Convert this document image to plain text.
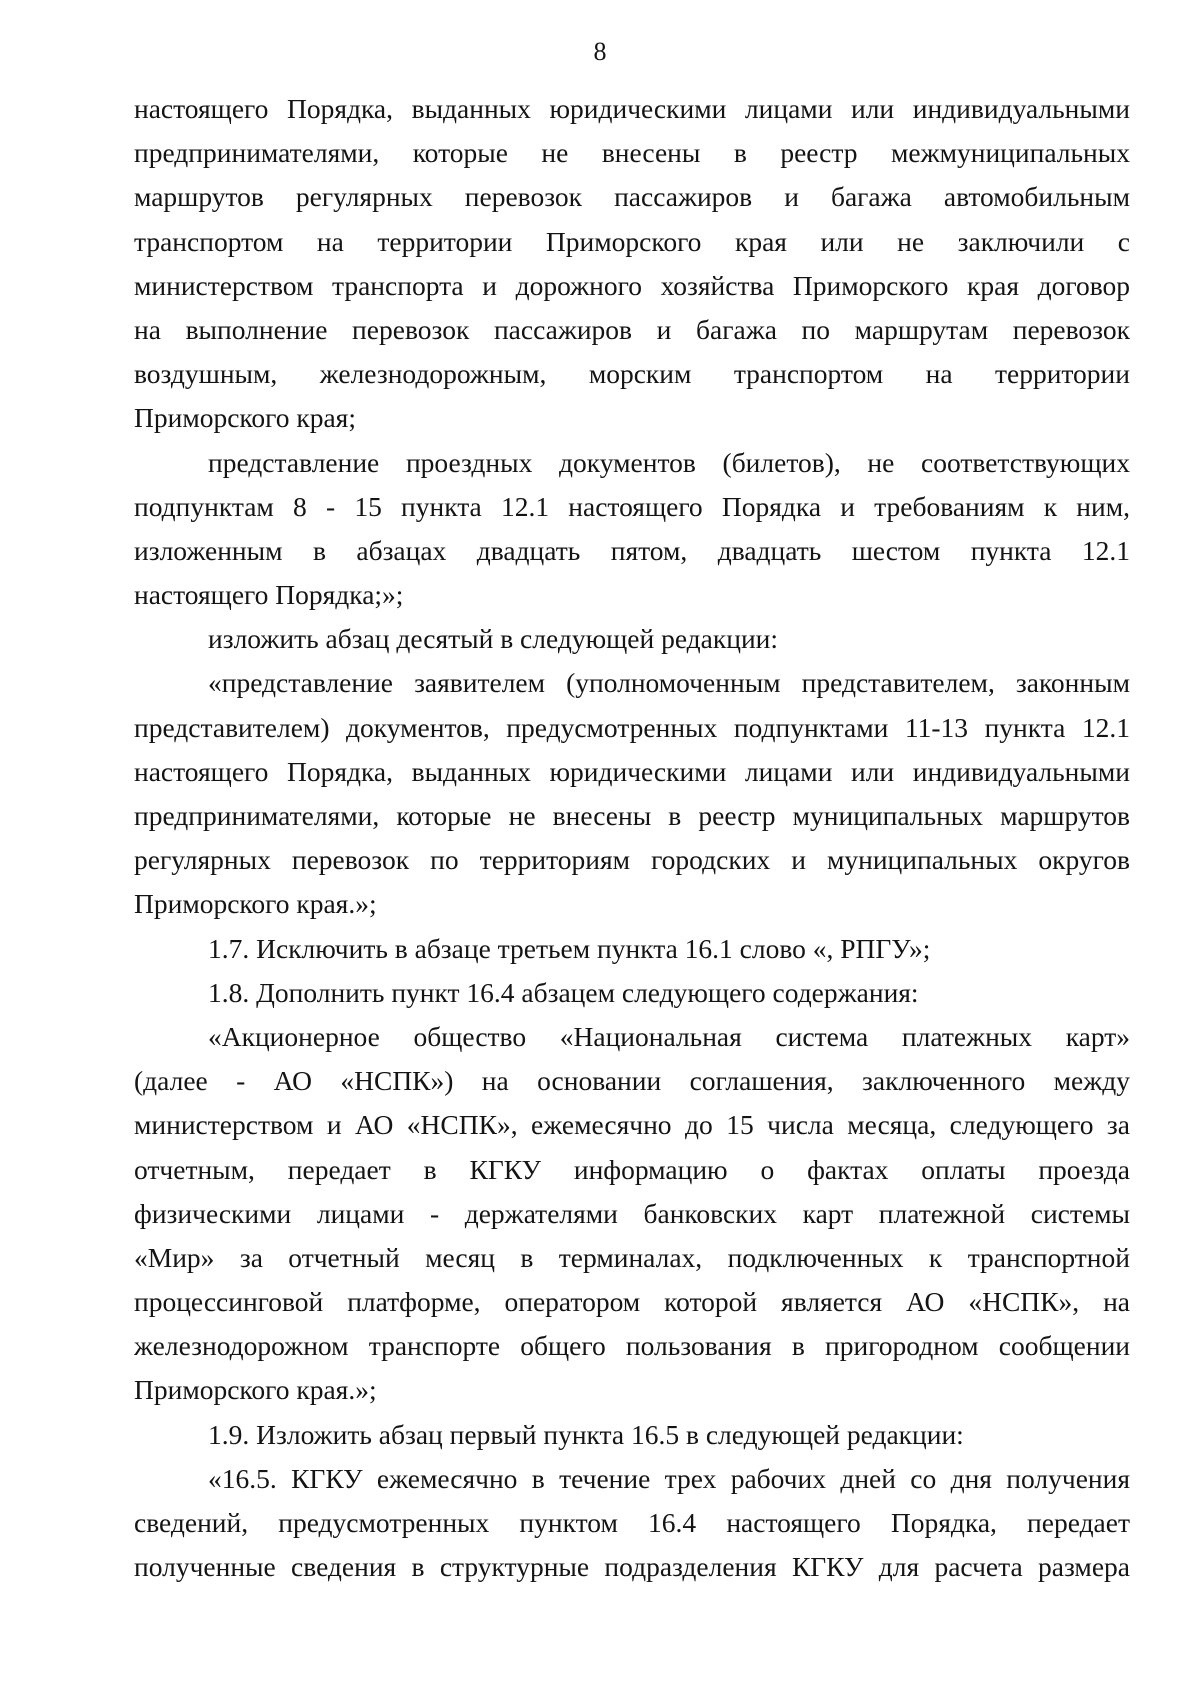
8
настоящего Порядка, выданных юридическими лицами или индивидуальными
предпринимателями, которые не внесены в реестр межмуниципальных
маршрутов регулярных перевозок пассажиров и багажа автомобильным
транспортом на территории Приморского края или не заключили с
министерством транспорта и дорожного хозяйства Приморского края договор
на выполнение перевозок пассажиров и багажа по маршрутам перевозок
воздушным, железнодорожным, морским транспортом на территории
Приморского края;
представление проездных документов (билетов), не соответствующих
подпунктам 8 - 15 пункта 12.1 настоящего Порядка и требованиям к ним,
изложенным в абзацах двадцать пятом, двадцать шестом пункта 12.1
настоящего Порядка;»;
изложить абзац десятый в следующей редакции:
«представление заявителем (уполномоченным представителем, законным
представителем) документов, предусмотренных подпунктами 11-13 пункта 12.1
настоящего Порядка, выданных юридическими лицами или индивидуальными
предпринимателями, которые не внесены в реестр муниципальных маршрутов
регулярных перевозок по территориям городских и муниципальных округов
Приморского края.»;
1.7. Исключить в абзаце третьем пункта 16.1 слово «, РПГУ»;
1.8. Дополнить пункт 16.4 абзацем следующего содержания:
«Акционерное общество «Национальная система платежных карт»
(далее - АО «НСПК») на основании соглашения, заключенного между
министерством и АО «НСПК», ежемесячно до 15 числа месяца, следующего за
отчетным, передает в КГКУ информацию о фактах оплаты проезда
физическими лицами - держателями банковских карт платежной системы
«Мир» за отчетный месяц в терминалах, подключенных к транспортной
процессинговой платформе, оператором которой является АО «НСПК», на
железнодорожном транспорте общего пользования в пригородном сообщении
Приморского края.»;
1.9. Изложить абзац первый пункта 16.5 в следующей редакции:
«16.5. КГКУ ежемесячно в течение трех рабочих дней со дня получения
сведений, предусмотренных пунктом 16.4 настоящего Порядка, передает
полученные сведения в структурные подразделения КГКУ для расчета размера
